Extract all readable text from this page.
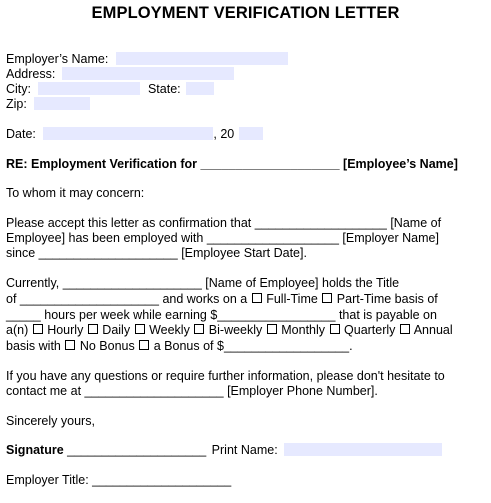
EMPLOYMENT VERIFICATION LETTER
Employer’s Name:
Address:
City:	State:
Zip:
Date:	, 20
RE: Employment Verification for ____________________ [Employee’s Name]
To whom it may concern:
Please accept this letter as confirmation that ___________________ [Name of
Employee] has been employed with ___________________ [Employer Name]
since ____________________ [Employee Start Date].
Currently, ____________________ [Name of Employee] holds the Title
of ____________________ and works on a Full-Time Part-Time basis of
_____ hours per week while earning $_________________ that is payable on
a(n) Hourly Daily Weekly Bi-weekly Monthly Quarterly Annual
basis with No Bonus a Bonus of $__________________.
If you have any questions or require further information, please don't hesitate to
contact me at ____________________ [Employer Phone Number].
Sincerely yours,
Signature ____________________ Print Name:
Employer Title: ____________________
